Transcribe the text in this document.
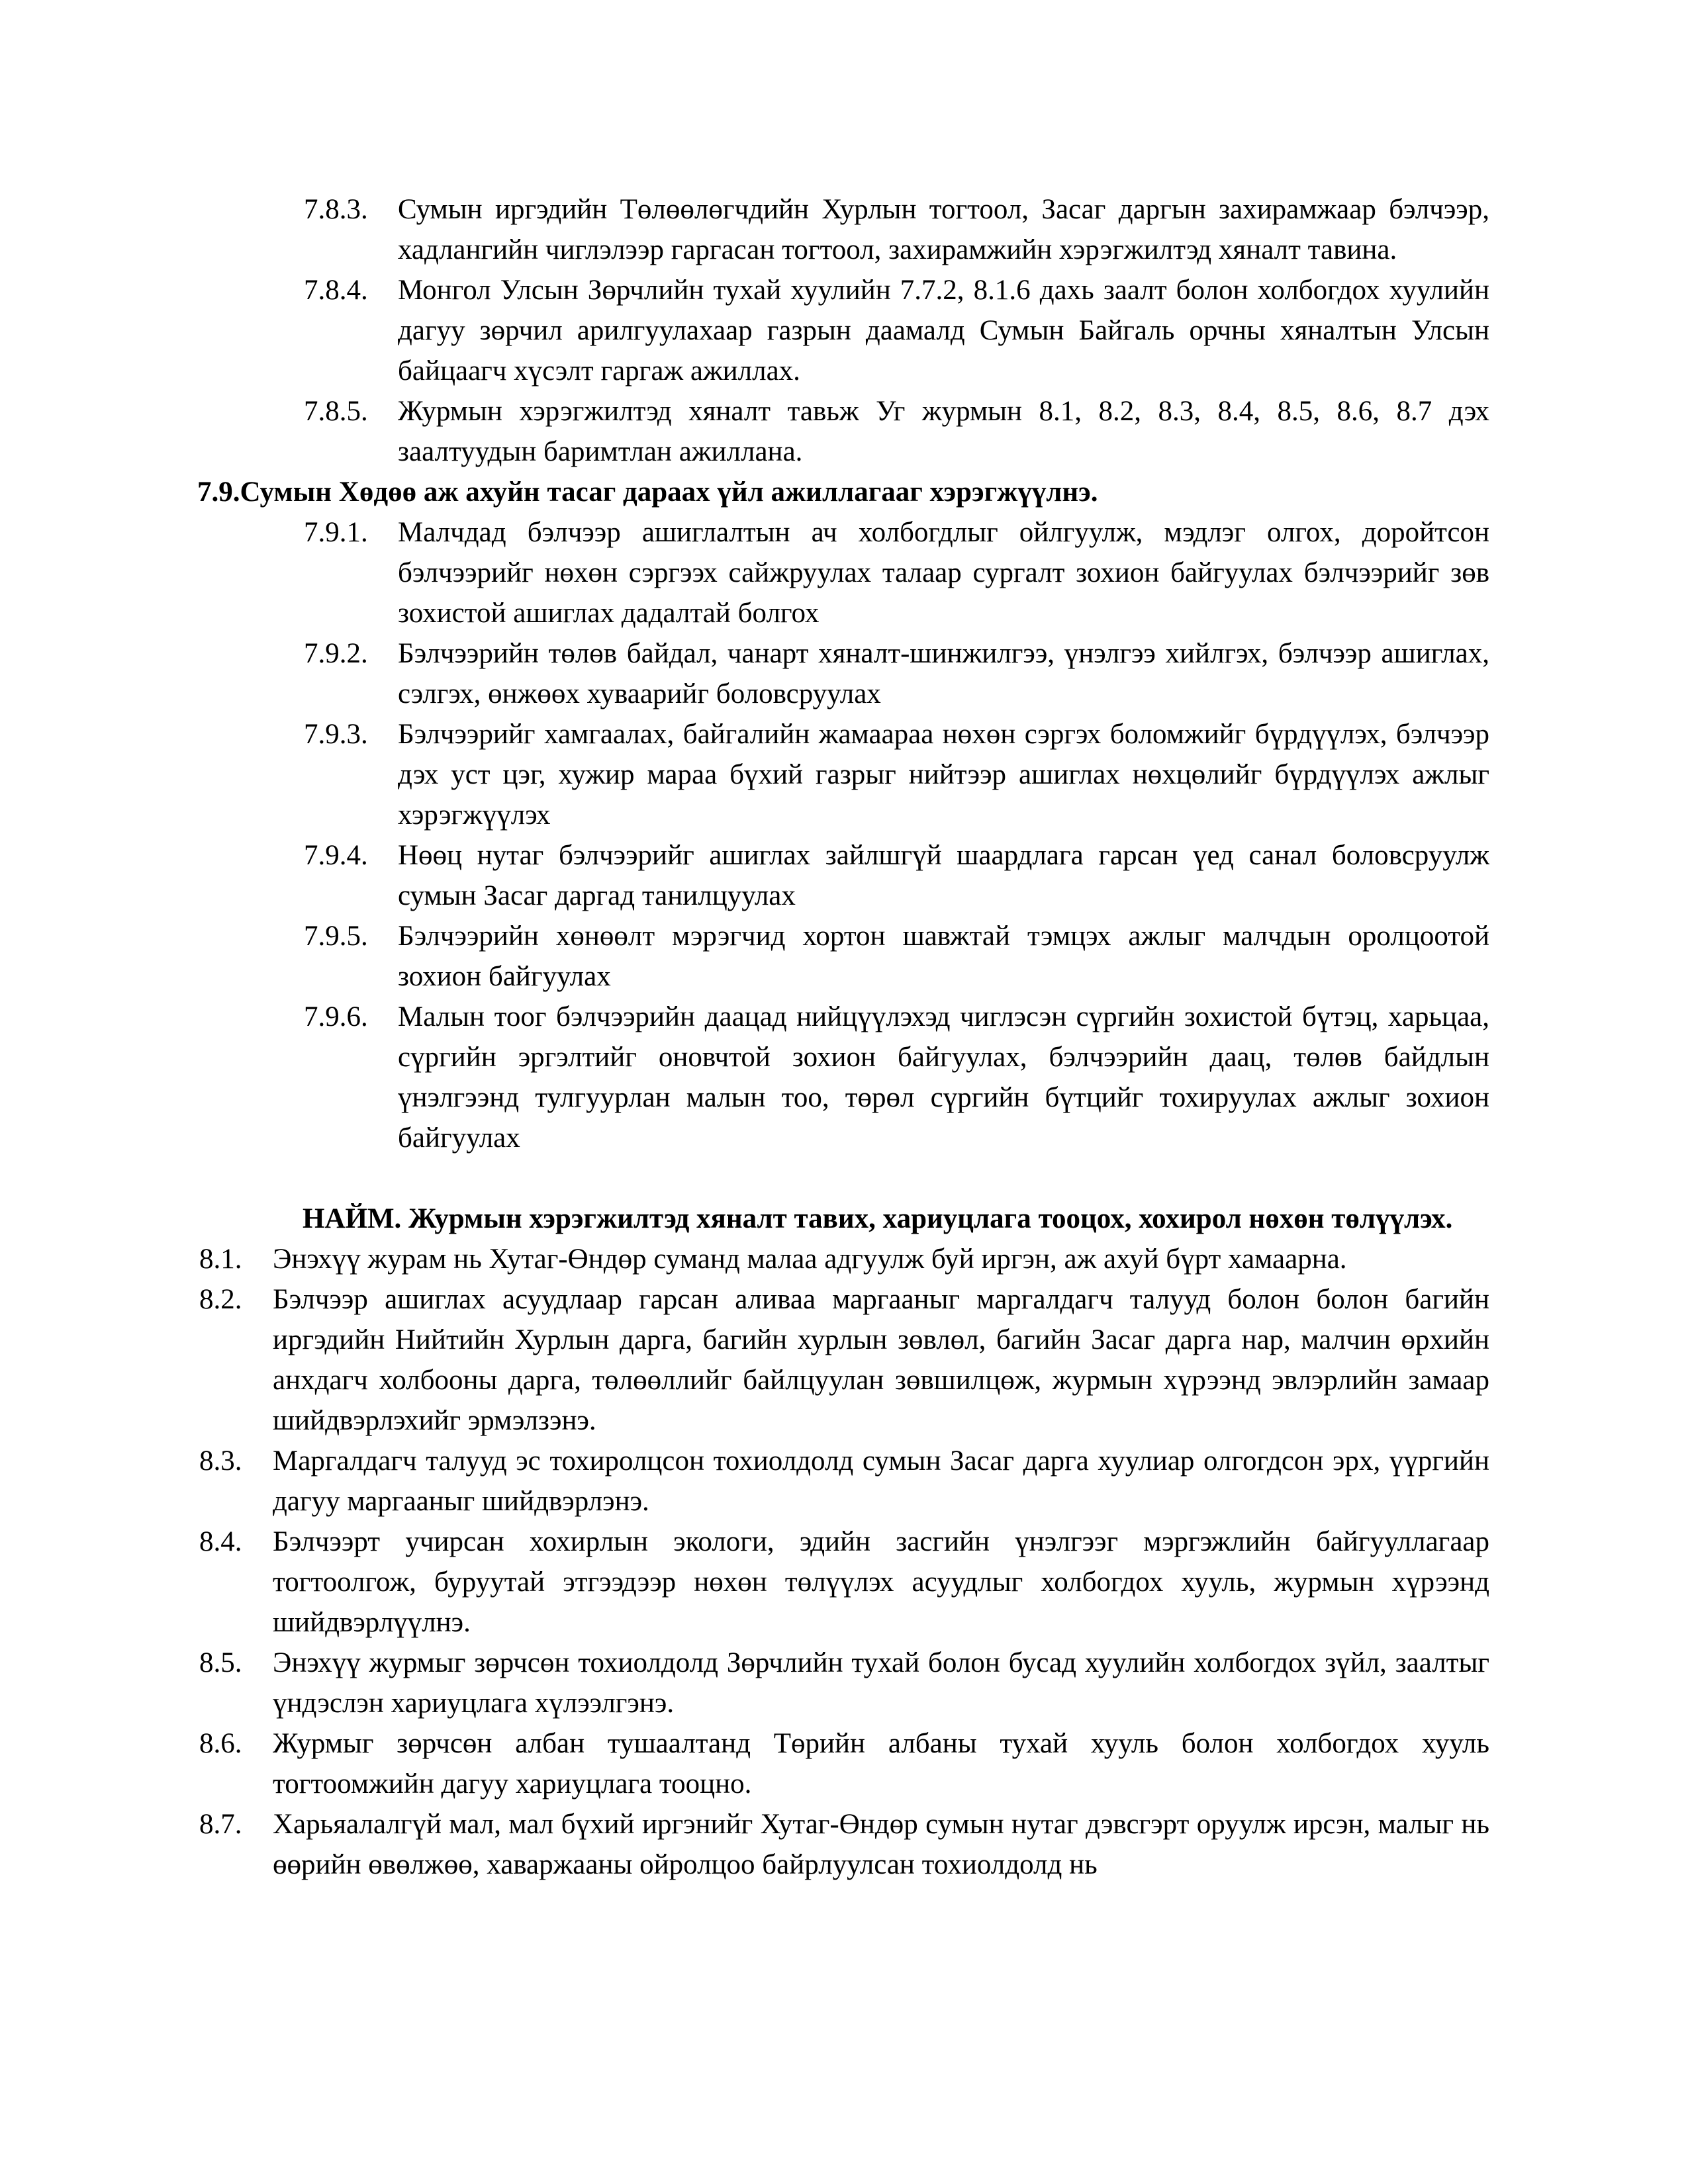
7.8.3. Сумын иргэдийн Төлөөлөгчдийн Хурлын тогтоол, Засаг даргын захирамжаар бэлчээр, хадлангийн чиглэлээр гаргасан тогтоол, захирамжийн хэрэгжилтэд хяналт тавина.
7.8.4. Монгол Улсын Зөрчлийн тухай хуулийн 7.7.2, 8.1.6 дахь заалт болон холбогдох хуулийн дагуу зөрчил арилгуулахаар газрын даамалд Сумын Байгаль орчны хяналтын Улсын байцаагч хүсэлт гаргаж ажиллах.
7.8.5. Журмын хэрэгжилтэд хяналт тавьж Уг журмын 8.1, 8.2, 8.3, 8.4, 8.5, 8.6, 8.7 дэх заалтуудын баримтлан ажиллана.
7.9.Сумын Хөдөө аж ахуйн тасаг дараах үйл ажиллагааг хэрэгжүүлнэ.
7.9.1. Малчдад бэлчээр ашиглалтын ач холбогдлыг ойлгуулж, мэдлэг олгох, доройтсон бэлчээрийг нөхөн сэргээх сайжруулах талаар сургалт зохион байгуулах бэлчээрийг зөв зохистой ашиглах дадалтай болгох
7.9.2. Бэлчээрийн төлөв байдал, чанарт хяналт-шинжилгээ, үнэлгээ хийлгэх, бэлчээр ашиглах, сэлгэх, өнжөөх хуваарийг боловсруулах
7.9.3. Бэлчээрийг хамгаалах, байгалийн жамаараа нөхөн сэргэх боломжийг бүрдүүлэх, бэлчээр дэх уст цэг, хужир мараа бүхий газрыг нийтээр ашиглах нөхцөлийг бүрдүүлэх ажлыг хэрэгжүүлэх
7.9.4. Нөөц нутаг бэлчээрийг ашиглах зайлшгүй шаардлага гарсан үед санал боловсруулж сумын Засаг даргад танилцуулах
7.9.5. Бэлчээрийн хөнөөлт мэрэгчид хортон шавжтай тэмцэх ажлыг малчдын оролцоотой зохион байгуулах
7.9.6. Малын тоог бэлчээрийн даацад нийцүүлэхэд чиглэсэн сүргийн зохистой бүтэц, харьцаа, сүргийн эргэлтийг оновчтой зохион байгуулах, бэлчээрийн даац, төлөв байдлын үнэлгээнд тулгуурлан малын тоо, төрөл сүргийн бүтцийг тохируулах ажлыг зохион байгуулах
НАЙМ. Журмын хэрэгжилтэд хяналт тавих, хариуцлага тооцох, хохирол нөхөн төлүүлэх.
8.1. Энэхүү журам нь Хутаг-Өндөр суманд малаа адгуулж буй иргэн, аж ахуй бүрт хамаарна.
8.2. Бэлчээр ашиглах асуудлаар гарсан аливаа маргааныг маргалдагч талууд болон болон багийн иргэдийн Нийтийн Хурлын дарга, багийн хурлын зөвлөл, багийн Засаг дарга нар, малчин өрхийн анхдагч холбооны дарга, төлөөллийг байлцуулан зөвшилцөж, журмын хүрээнд эвлэрлийн замаар шийдвэрлэхийг эрмэлзэнэ.
8.3. Маргалдагч талууд эс тохиролцсон тохиолдолд сумын Засаг дарга хуулиар олгогдсон эрх, үүргийн дагуу маргааныг шийдвэрлэнэ.
8.4. Бэлчээрт учирсан хохирлын экологи, эдийн засгийн үнэлгээг мэргэжлийн байгууллагаар тогтоолгож, буруутай этгээдээр нөхөн төлүүлэх асуудлыг холбогдох хууль, журмын хүрээнд шийдвэрлүүлнэ.
8.5. Энэхүү журмыг зөрчсөн тохиолдолд Зөрчлийн тухай болон бусад хуулийн холбогдох зүйл, заалтыг үндэслэн хариуцлага хүлээлгэнэ.
8.6. Журмыг зөрчсөн албан тушаалтанд Төрийн албаны тухай хууль болон холбогдох хууль тогтоомжийн дагуу хариуцлага тооцно.
8.7. Харьяалалгүй мал, мал бүхий иргэнийг Хутаг-Өндөр сумын нутаг дэвсгэрт оруулж ирсэн, малыг нь өөрийн өвөлжөө, хаваржааны ойролцоо байрлуулсан тохиолдолд нь
